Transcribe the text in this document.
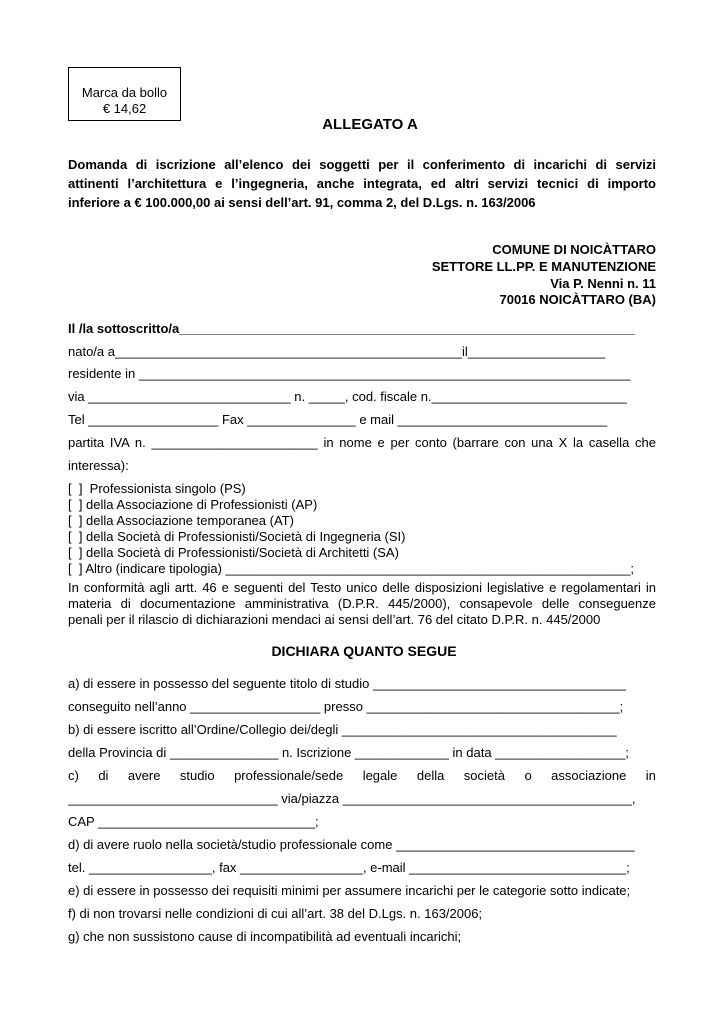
Marca da bollo
€ 14,62
ALLEGATO A
Domanda di iscrizione all’elenco dei soggetti per il conferimento di incarichi di servizi
attinenti l’architettura e l’ingegneria, anche integrata, ed altri servizi tecnici di importo
inferiore a € 100.000,00 ai sensi dell’art. 91, comma 2, del D.Lgs. n. 163/2006
COMUNE DI NOICÀTTARO
SETTORE LL.PP. E MANUTENZIONE
Via P. Nenni n. 11
70016 NOICÀTTARO (BA)
Il /la sottoscritto/a_______________________________________________________________
nato/a a________________________________________________il___________________
residente in ____________________________________________________________________
via ____________________________ n. _____, cod. fiscale n.___________________________
Tel __________________ Fax _______________ e mail _____________________________
partita IVA n. _______________________ in nome e per conto (barrare con una X la casella che
interessa):
[  ]  Professionista singolo (PS)
[  ] della Associazione di Professionisti (AP)
[  ] della Associazione temporanea (AT)
[  ] della Società di Professionisti/Società di Ingegneria (SI)
[  ] della Società di Professionisti/Società di Architetti (SA)
[  ] Altro (indicare tipologia) ________________________________________________________;
In conformità agli artt. 46 e seguenti del Testo unico delle disposizioni legislative e regolamentari in
materia di documentazione amministrativa (D.P.R. 445/2000), consapevole delle conseguenze
penali per il rilascio di dichiarazioni mendaci ai sensi dell’art. 76 del citato D.P.R. n. 445/2000
DICHIARA QUANTO SEGUE
a) di essere in possesso del seguente titolo di studio ___________________________________
conseguito nell’anno __________________ presso ___________________________________;
b) di essere iscritto all’Ordine/Collegio dei/degli ______________________________________
della Provincia di _______________ n. Iscrizione _____________ in data __________________;
c) di avere studio professionale/sede legale della società o associazione in
_____________________________ via/piazza ________________________________________,
CAP ______________________________;
d) di avere ruolo nella società/studio professionale come _________________________________
tel. _________________, fax _________________, e-mail ______________________________;
e) di essere in possesso dei requisiti minimi per assumere incarichi per le categorie sotto indicate;
f) di non trovarsi nelle condizioni di cui all’art. 38 del D.Lgs. n. 163/2006;
g) che non sussistono cause di incompatibilità ad eventuali incarichi;
